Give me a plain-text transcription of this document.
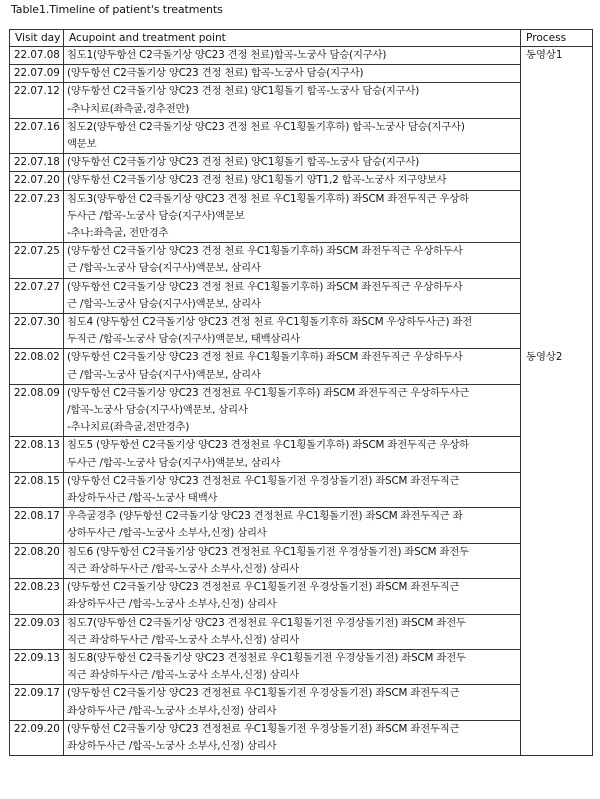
Table1.Timeline of patient's treatments
Visit day	Acupoint and treatment point	Process
22.07.08	침도1(양두항선 C2극돌기상 양C23 견정 천료)합곡-노궁사 담승(지구사)	동영상1
22.07.09	(양두항선 C2극돌기상 양C23 견정 천료) 합곡-노궁사 담승(지구사)	

22.07.12	(양두항선 C2극돌기상 양C23 견정 천료) 양C1횡돌기 합곡-노궁사 담승(지구사)
-추나치료(좌측굴,경추전만)	

22.07.16	침도2(양두항선 C2극돌기상 양C23 견정 천료 우C1횡돌기후하) 합곡-노궁사 담승(지구사)
액문보	

22.07.18	(양두항선 C2극돌기상 양C23 견정 천료) 양C1횡돌기 합곡-노궁사 담승(지구사)	

22.07.20	(양두항선 C2극돌기상 양C23 견정 천료) 양C1횡돌기 양T1,2 합곡-노궁사 지구양보사	

22.07.23	침도3(양두항선 C2극돌기상 양C23 견정 천료 우C1횡돌기후하) 좌SCM 좌전두직근 우상하
두사근 /합곡-노궁사 담승(지구사)액문보
-추나:좌측굴, 전만경추	

22.07.25	(양두항선 C2극돌기상 양C23 견정 천료 우C1횡돌기후하) 좌SCM 좌전두직근 우상하두사
근 /합곡-노궁사 담승(지구사)액문보, 삼리사	

22.07.27	(양두항선 C2극돌기상 양C23 견정 천료 우C1횡돌기후하) 좌SCM 좌전두직근 우상하두사
근 /합곡-노궁사 담승(지구사)액문보, 삼리사	

22.07.30	침도4 (양두항선 C2극돌기상 양C23 견정 천료 우C1횡돌기후하 좌SCM 우상하두사근) 좌전
두직근 /합곡-노궁사 담승(지구사)액문보, 태백삼리사	

22.08.02	(양두항선 C2극돌기상 양C23 견정 천료 우C1횡돌기후하) 좌SCM 좌전두직근 우상하두사
근 /합곡-노궁사 담승(지구사)액문보, 삼리사	동영상2
22.08.09	(양두항선 C2극돌기상 양C23 견정천료 우C1횡돌기후하) 좌SCM 좌전두직근 우상하두사근
/합곡-노궁사 담승(지구사)액문보, 삼리사
-추나치료(좌측굴,전만경추)	

22.08.13	침도5 (양두항선 C2극돌기상 양C23 견정천료 우C1횡돌기후하) 좌SCM 좌전두직근 우상하
두사근 /합곡-노궁사 담승(지구사)액문보, 삼리사	

22.08.15	(양두항선 C2극돌기상 양C23 견정천료 우C1횡돌기전 우경상돌기전) 좌SCM 좌전두직근
좌상하두사근 /합곡-노궁사 태백사	

22.08.17	우측굴경추 (양두항선 C2극돌기상 양C23 견정천료 우C1횡돌기전) 좌SCM 좌전두직근 좌
상하두사근 /합곡-노궁사 소부사,신정) 삼리사	

22.08.20	침도6 (양두항선 C2극돌기상 양C23 견정천료 우C1횡돌기전 우경상돌기전) 좌SCM 좌전두
직근 좌상하두사근 /합곡-노궁사 소부사,신정) 삼리사	

22.08.23	(양두항선 C2극돌기상 양C23 견정천료 우C1횡돌기전 우경상돌기전) 좌SCM 좌전두직근
좌상하두사근 /합곡-노궁사 소부사,신정) 삼리사	

22.09.03	침도7(양두항선 C2극돌기상 양C23 견정천료 우C1횡돌기전 우경상돌기전) 좌SCM 좌전두
직근 좌상하두사근 /합곡-노궁사 소부사,신정) 삼리사	

22.09.13	침도8(양두항선 C2극돌기상 양C23 견정천료 우C1횡돌기전 우경상돌기전) 좌SCM 좌전두
직근 좌상하두사근 /합곡-노궁사 소부사,신정) 삼리사	

22.09.17	(양두항선 C2극돌기상 양C23 견정천료 우C1횡돌기전 우경상돌기전) 좌SCM 좌전두직근
좌상하두사근 /합곡-노궁사 소부사,신정) 삼리사	

22.09.20	(양두항선 C2극돌기상 양C23 견정천료 우C1횡돌기전 우경상돌기전) 좌SCM 좌전두직근
좌상하두사근 /합곡-노궁사 소부사,신정) 삼리사	
